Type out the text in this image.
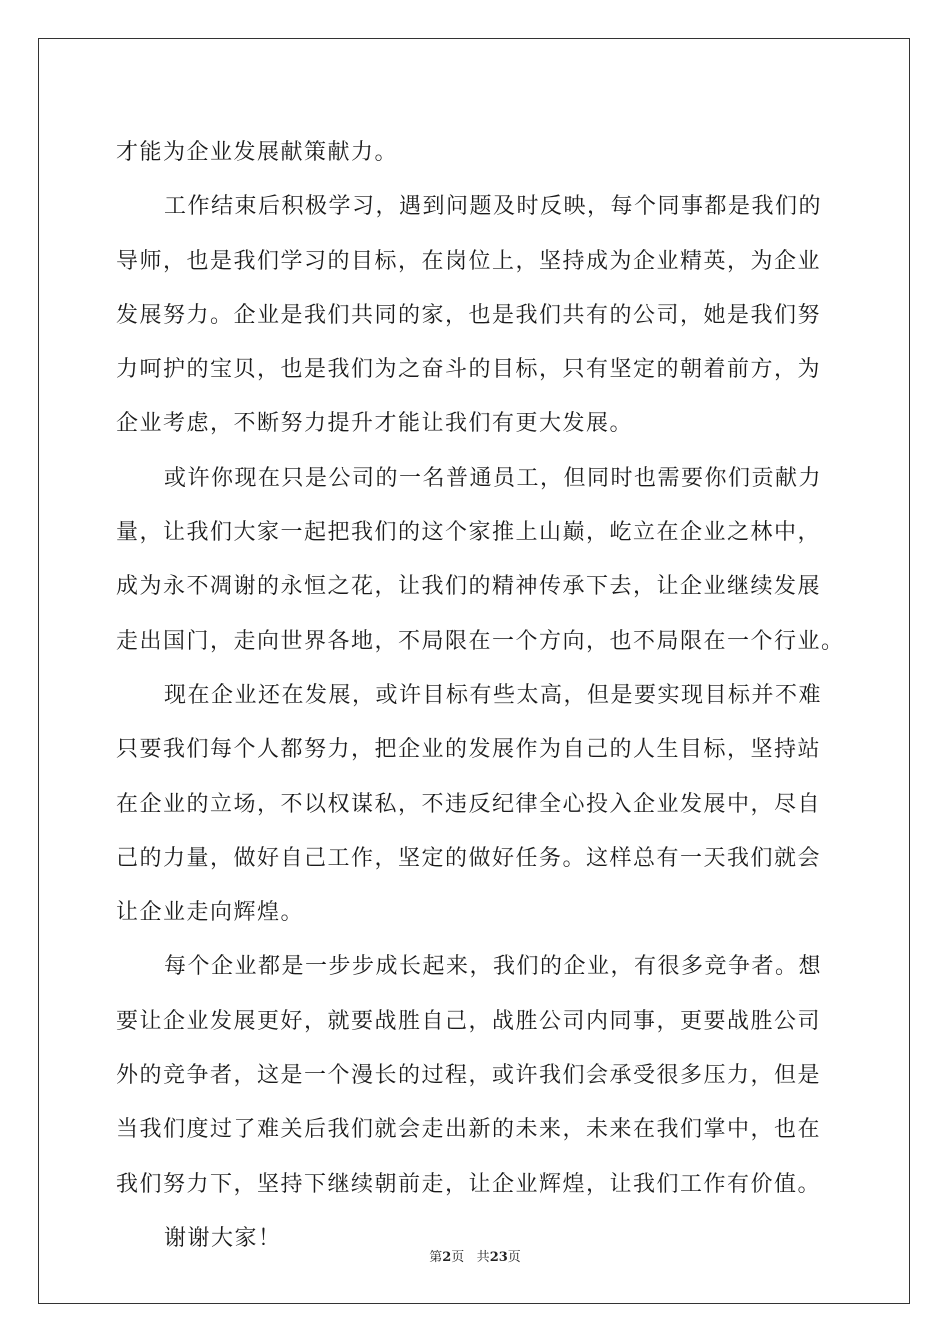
才能为企业发展献策献力。
工作结束后积极学习，遇到问题及时反映，每个同事都是我们的
导师，也是我们学习的目标，在岗位上，坚持成为企业精英，为企业
发展努力。企业是我们共同的家，也是我们共有的公司，她是我们努
力呵护的宝贝，也是我们为之奋斗的目标，只有坚定的朝着前方，为
企业考虑，不断努力提升才能让我们有更大发展。
或许你现在只是公司的一名普通员工，但同时也需要你们贡献力
量，让我们大家一起把我们的这个家推上山巅，屹立在企业之林中，
成为永不凋谢的永恒之花，让我们的精神传承下去，让企业继续发展
走出国门，走向世界各地，不局限在一个方向，也不局限在一个行业。
现在企业还在发展，或许目标有些太高，但是要实现目标并不难
只要我们每个人都努力，把企业的发展作为自己的人生目标，坚持站
在企业的立场，不以权谋私，不违反纪律全心投入企业发展中，尽自
己的力量，做好自己工作，坚定的做好任务。这样总有一天我们就会
让企业走向辉煌。
每个企业都是一步步成长起来，我们的企业，有很多竞争者。想
要让企业发展更好，就要战胜自己，战胜公司内同事，更要战胜公司
外的竞争者，这是一个漫长的过程，或许我们会承受很多压力，但是
当我们度过了难关后我们就会走出新的未来，未来在我们掌中，也在
我们努力下，坚持下继续朝前走，让企业辉煌，让我们工作有价值。
谢谢大家！
第2页 共23页
